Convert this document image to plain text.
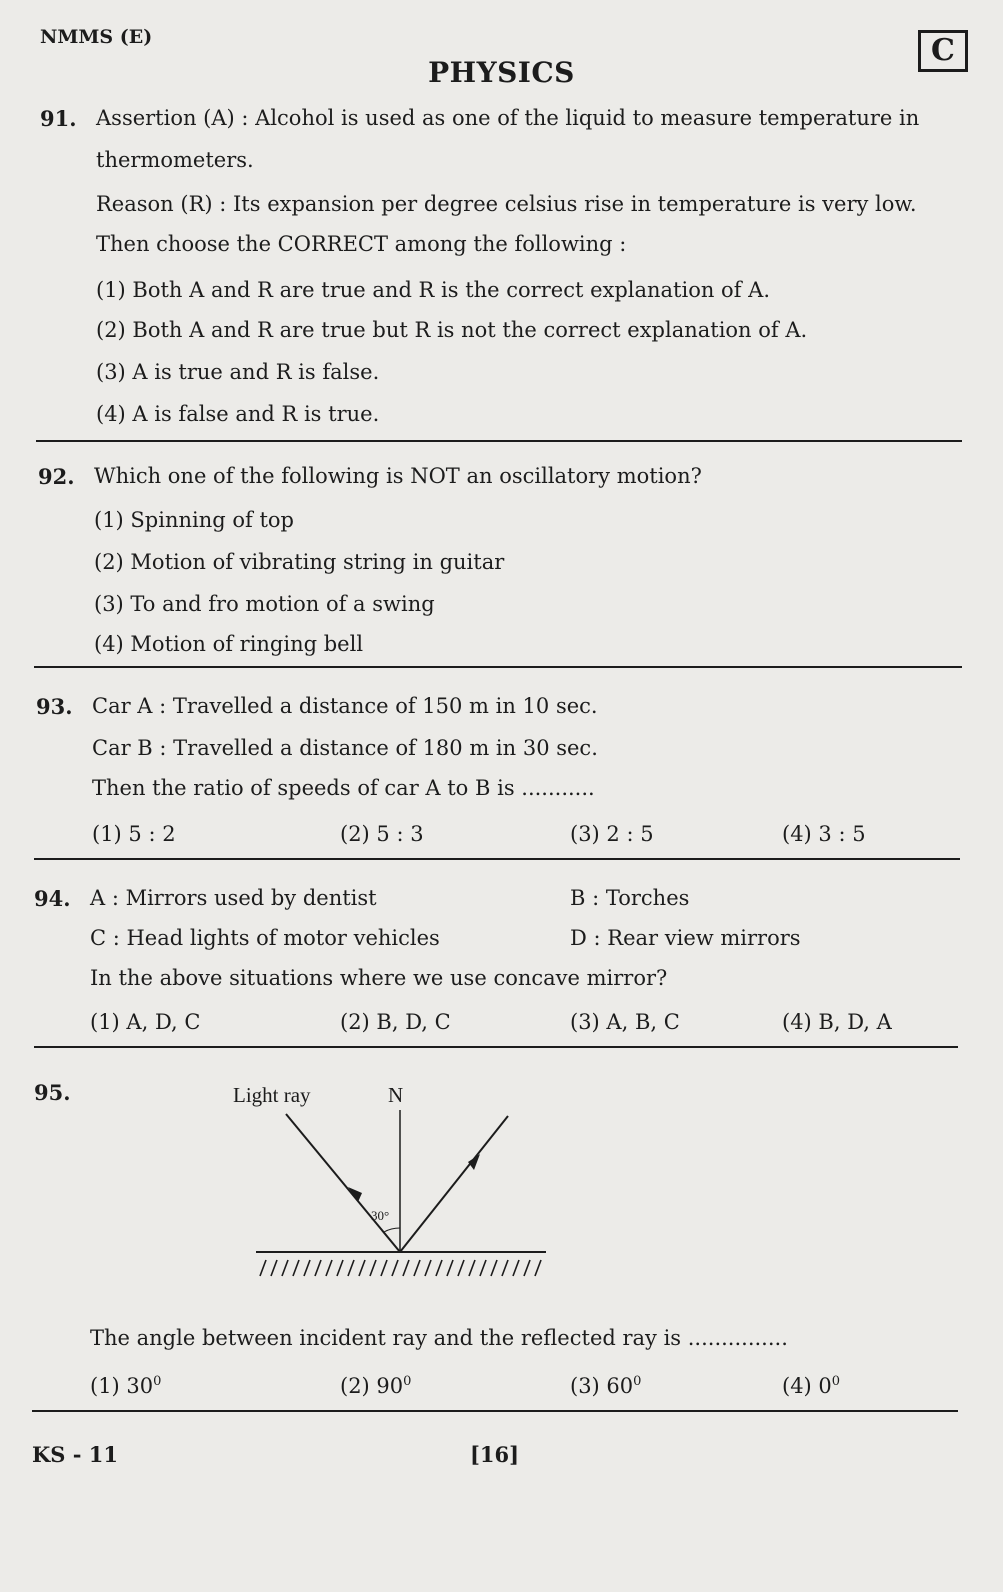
NMMS (E)
PHYSICS
C
91. Assertion (A) : Alcohol is used as one of the liquid to measure temperature in
thermometers.
Reason (R) : Its expansion per degree celsius rise in temperature is very low.
Then choose the CORRECT among the following :
(1) Both A and R are true and R is the correct explanation of A.
(2) Both A and R are true but R is not the correct explanation of A.
(3) A is true and R is false.
(4) A is false and R is true.
92. Which one of the following is NOT an oscillatory motion?
(1) Spinning of top
(2) Motion of vibrating string in guitar
(3) To and fro motion of a swing
(4) Motion of ringing bell
93. Car A : Travelled a distance of 150 m in 10 sec.
Car B : Travelled a distance of 180 m in 30 sec.
Then the ratio of speeds of car A to B is ...........
(1) 5 : 2	(2) 5 : 3	(3) 2 : 5	(4) 3 : 5
94. A : Mirrors used by dentist	B : Torches
C : Head lights of motor vehicles	D : Rear view mirrors
In the above situations where we use concave mirror?
(1) A, D, C	(2) B, D, C	(3) A, B, C	(4) B, D, A
95.	Light ray	N
30°
The angle between incident ray and the reflected ray is ...............
(1) $30^0$	(2) $90^0$	(3) $60^0$	(4) $0^0$
KS - 11	[16]
